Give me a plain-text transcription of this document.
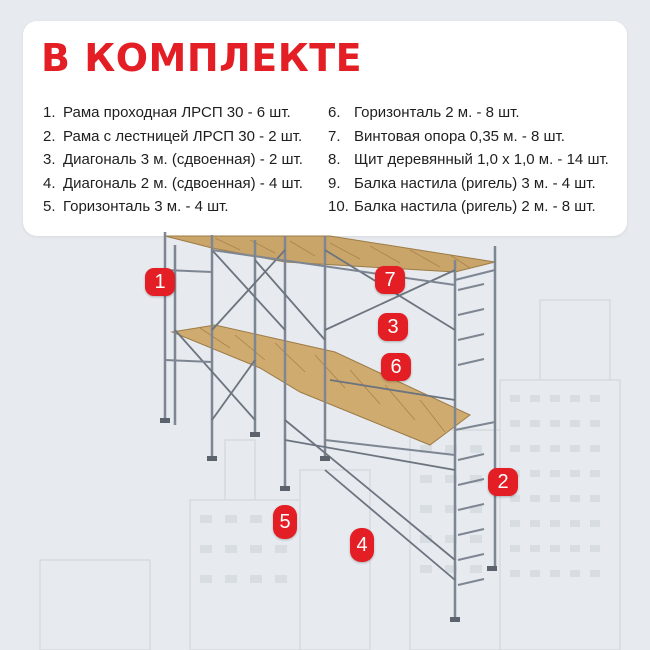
В КОМПЛЕКТЕ
1. Рама проходная ЛРСП 30 - 6 шт.
2. Рама с лестницей ЛРСП 30 - 2 шт.
3. Диагональ 3 м. (сдвоенная) - 2 шт.
4. Диагональ 2 м. (сдвоенная) - 4 шт.
5. Горизонталь 3 м. - 4 шт.
6. Горизонталь 2 м. - 8 шт.
7. Винтовая опора 0,35 м. - 8 шт.
8. Щит деревянный 1,0 х 1,0 м. - 14 шт.
9. Балка настила (ригель) 3 м. - 4 шт.
10. Балка настила (ригель) 2 м. - 8 шт.
1
2
3
4
5
6
7
